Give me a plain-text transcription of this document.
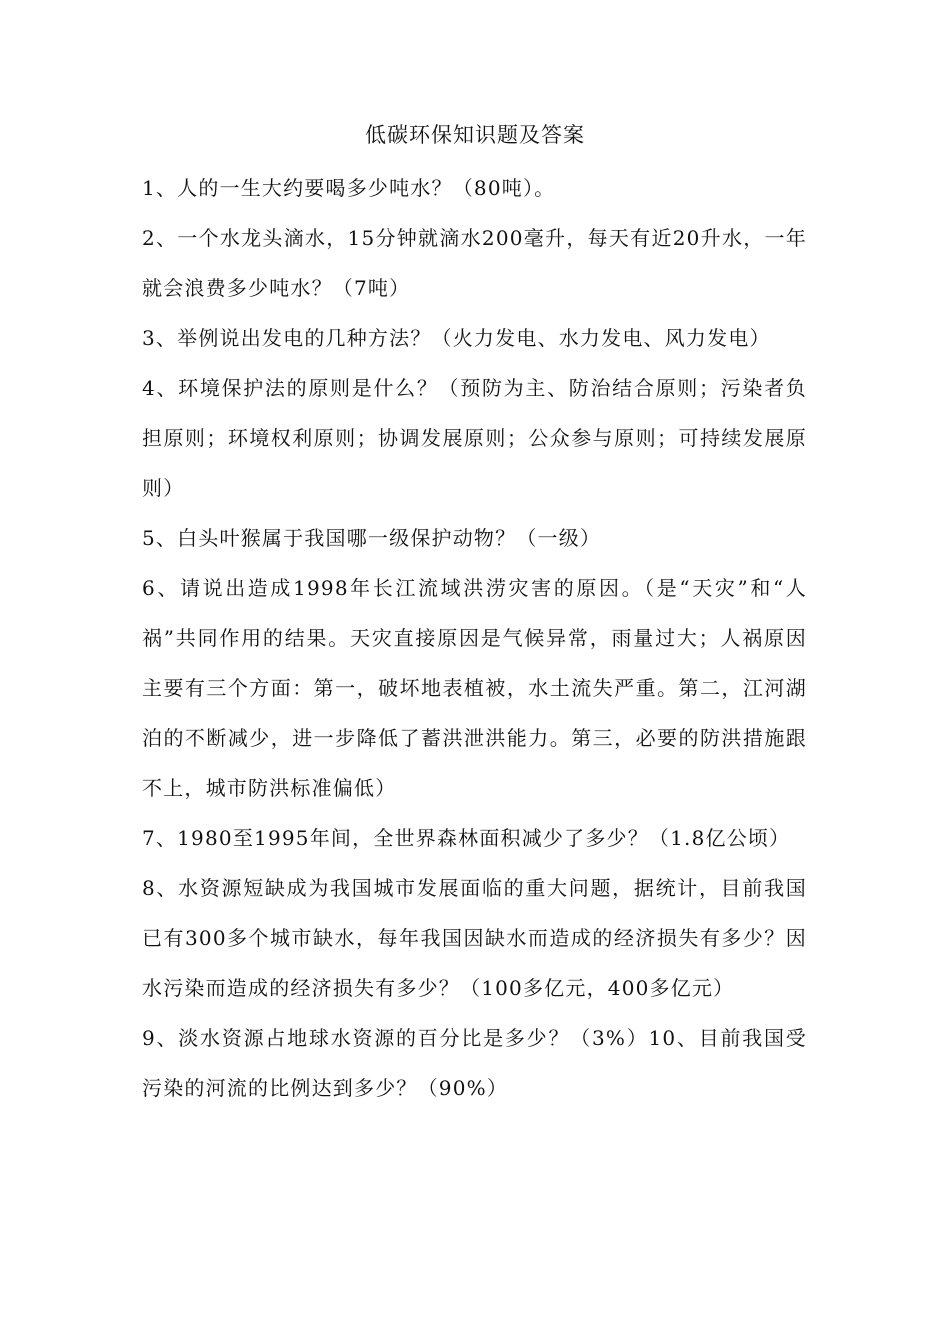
低碳环保知识题及答案

1、人的一生大约要喝多少吨水？（80吨）。

2、一个水龙头滴水，15分钟就滴水200毫升，每天有近20升水，一年就会浪费多少吨水？（7吨）

3、举例说出发电的几种方法？（火力发电、水力发电、风力发电）

4、环境保护法的原则是什么？（预防为主、防治结合原则；污染者负担原则；环境权利原则；协调发展原则；公众参与原则；可持续发展原则）

5、白头叶猴属于我国哪一级保护动物？（一级）

6、请说出造成1998年长江流域洪涝灾害的原因。（是“天灾”和“人祸”共同作用的结果。天灾直接原因是气候异常，雨量过大；人祸原因主要有三个方面：第一，破坏地表植被，水土流失严重。第二，江河湖泊的不断减少，进一步降低了蓄洪泄洪能力。第三，必要的防洪措施跟不上，城市防洪标准偏低）

7、1980至1995年间，全世界森林面积减少了多少？（1.8亿公顷）

8、水资源短缺成为我国城市发展面临的重大问题，据统计，目前我国已有300多个城市缺水，每年我国因缺水而造成的经济损失有多少？因水污染而造成的经济损失有多少？（100多亿元，400多亿元）

9、淡水资源占地球水资源的百分比是多少？（3%）10、目前我国受污染的河流的比例达到多少？（90%）
